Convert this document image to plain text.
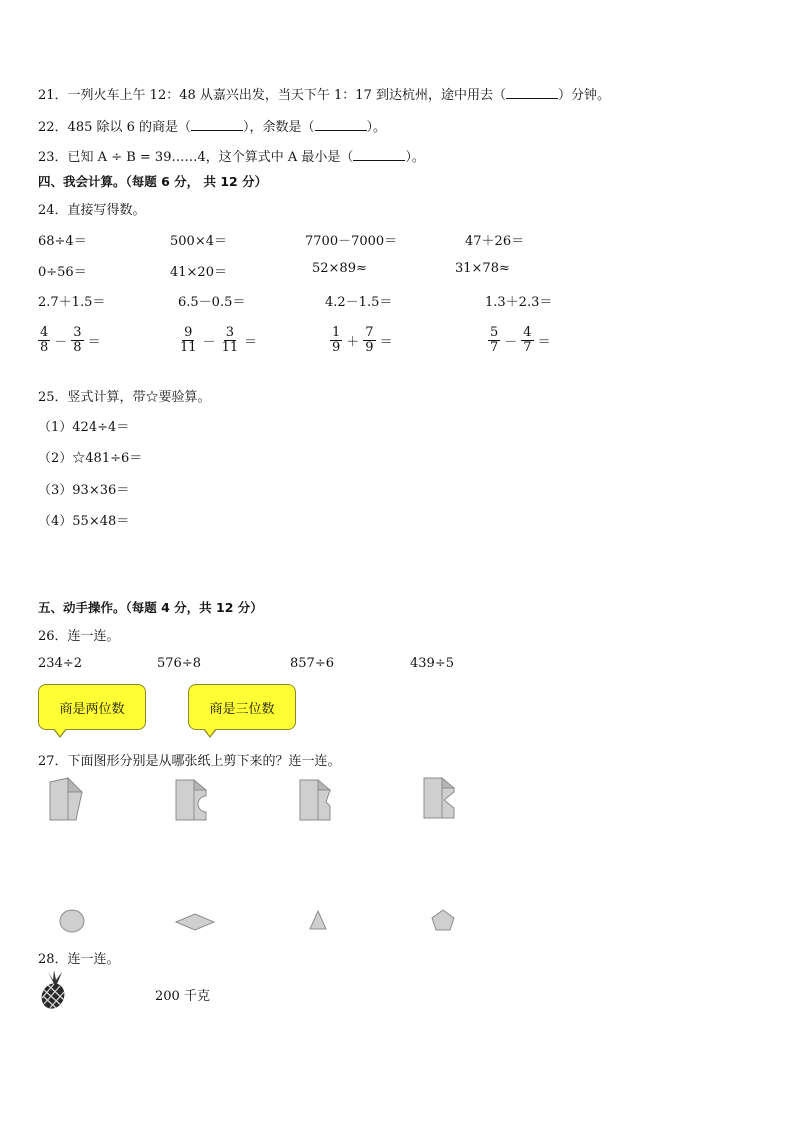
21．一列火车上午 12：48 从嘉兴出发，当天下午 1：17 到达杭州，途中用去（	）分钟。
22．485 除以 6 的商是（	），余数是（	）。
23．已知 A ÷ B = 39……4，这个算式中 A 最小是（	）。
四、我会计算。（每题 6 分， 共 12 分）
24．直接写得数。
68÷4＝	500×4＝	7700－7000＝	47＋26＝
0÷56＝	41×20＝	52×89≈	31×78≈
2.7＋1.5＝	6.5－0.5＝	4.2－1.5＝	1.3＋2.3＝
$\frac{4}{8} - \frac{3}{8}$ ＝	$\frac{9}{11} - \frac{3}{11}$ ＝	$\frac{1}{9} + \frac{7}{9}$ ＝	$\frac{5}{7} - \frac{4}{7}$ ＝
25．竖式计算，带☆要验算。
（1）424÷4＝
（2）☆481÷6＝
（3）93×36＝
（4）55×48＝
五、动手操作。（每题 4 分，共 12 分）
26．连一连。
234÷2	576÷8	857÷6	439÷5
商是两位数	商是三位数
27．下面图形分别是从哪张纸上剪下来的？连一连。
28．连一连。
200 千克
